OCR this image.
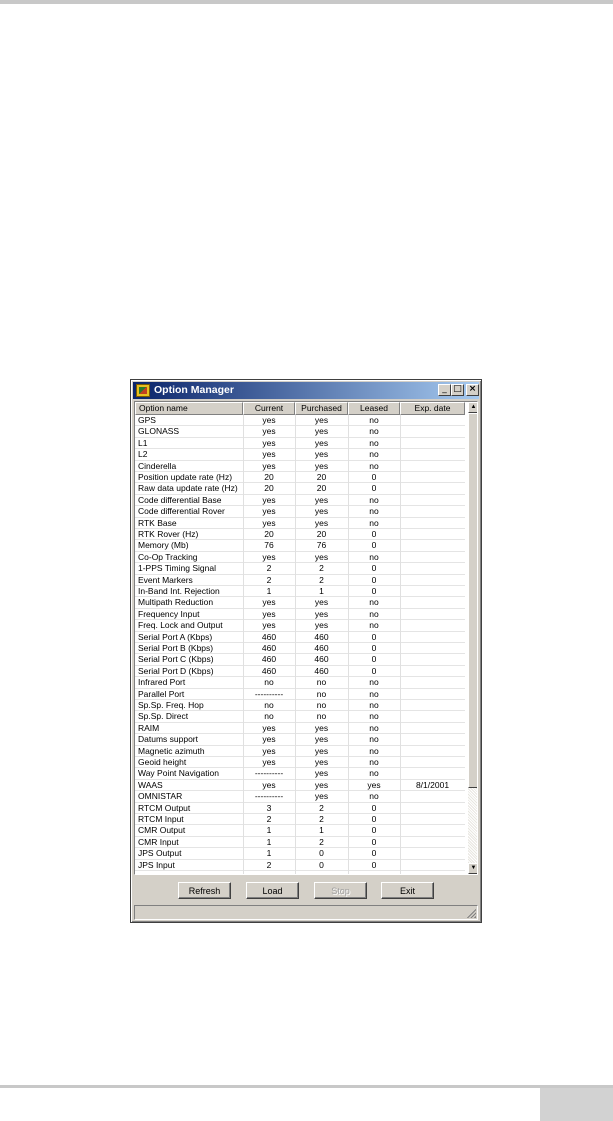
Option Manager	_ □ ×
Option name	Current	Purchased	Leased	Exp. date
GPS	yes	yes	no
GLONASS	yes	yes	no
L1	yes	yes	no
L2	yes	yes	no
Cinderella	yes	yes	no
Position update rate (Hz)	20	20	0
Raw data update rate (Hz)	20	20	0
Code differential Base	yes	yes	no
Code differential Rover	yes	yes	no
RTK Base	yes	yes	no
RTK Rover (Hz)	20	20	0
Memory (Mb)	76	76	0
Co-Op Tracking	yes	yes	no
1-PPS Timing Signal	2	2	0
Event Markers	2	2	0
In-Band Int. Rejection	1	1	0
Multipath Reduction	yes	yes	no
Frequency Input	yes	yes	no
Freq. Lock and Output	yes	yes	no
Serial Port A (Kbps)	460	460	0
Serial Port B (Kbps)	460	460	0
Serial Port C (Kbps)	460	460	0
Serial Port D (Kbps)	460	460	0
Infrared Port	no	no	no
Parallel Port	----------	no	no
Sp.Sp. Freq. Hop	no	no	no
Sp.Sp. Direct	no	no	no
RAIM	yes	yes	no
Datums support	yes	yes	no
Magnetic azimuth	yes	yes	no
Geoid height	yes	yes	no
Way Point Navigation	----------	yes	no
WAAS	yes	yes	yes	8/1/2001
OMNISTAR	----------	yes	no
RTCM Output	3	2	0
RTCM Input	2	2	0
CMR Output	1	1	0
CMR Input	1	2	0
JPS Output	1	0	0
JPS Input	2	0	0
▲
▼
Refresh	Load	Stop	Exit
